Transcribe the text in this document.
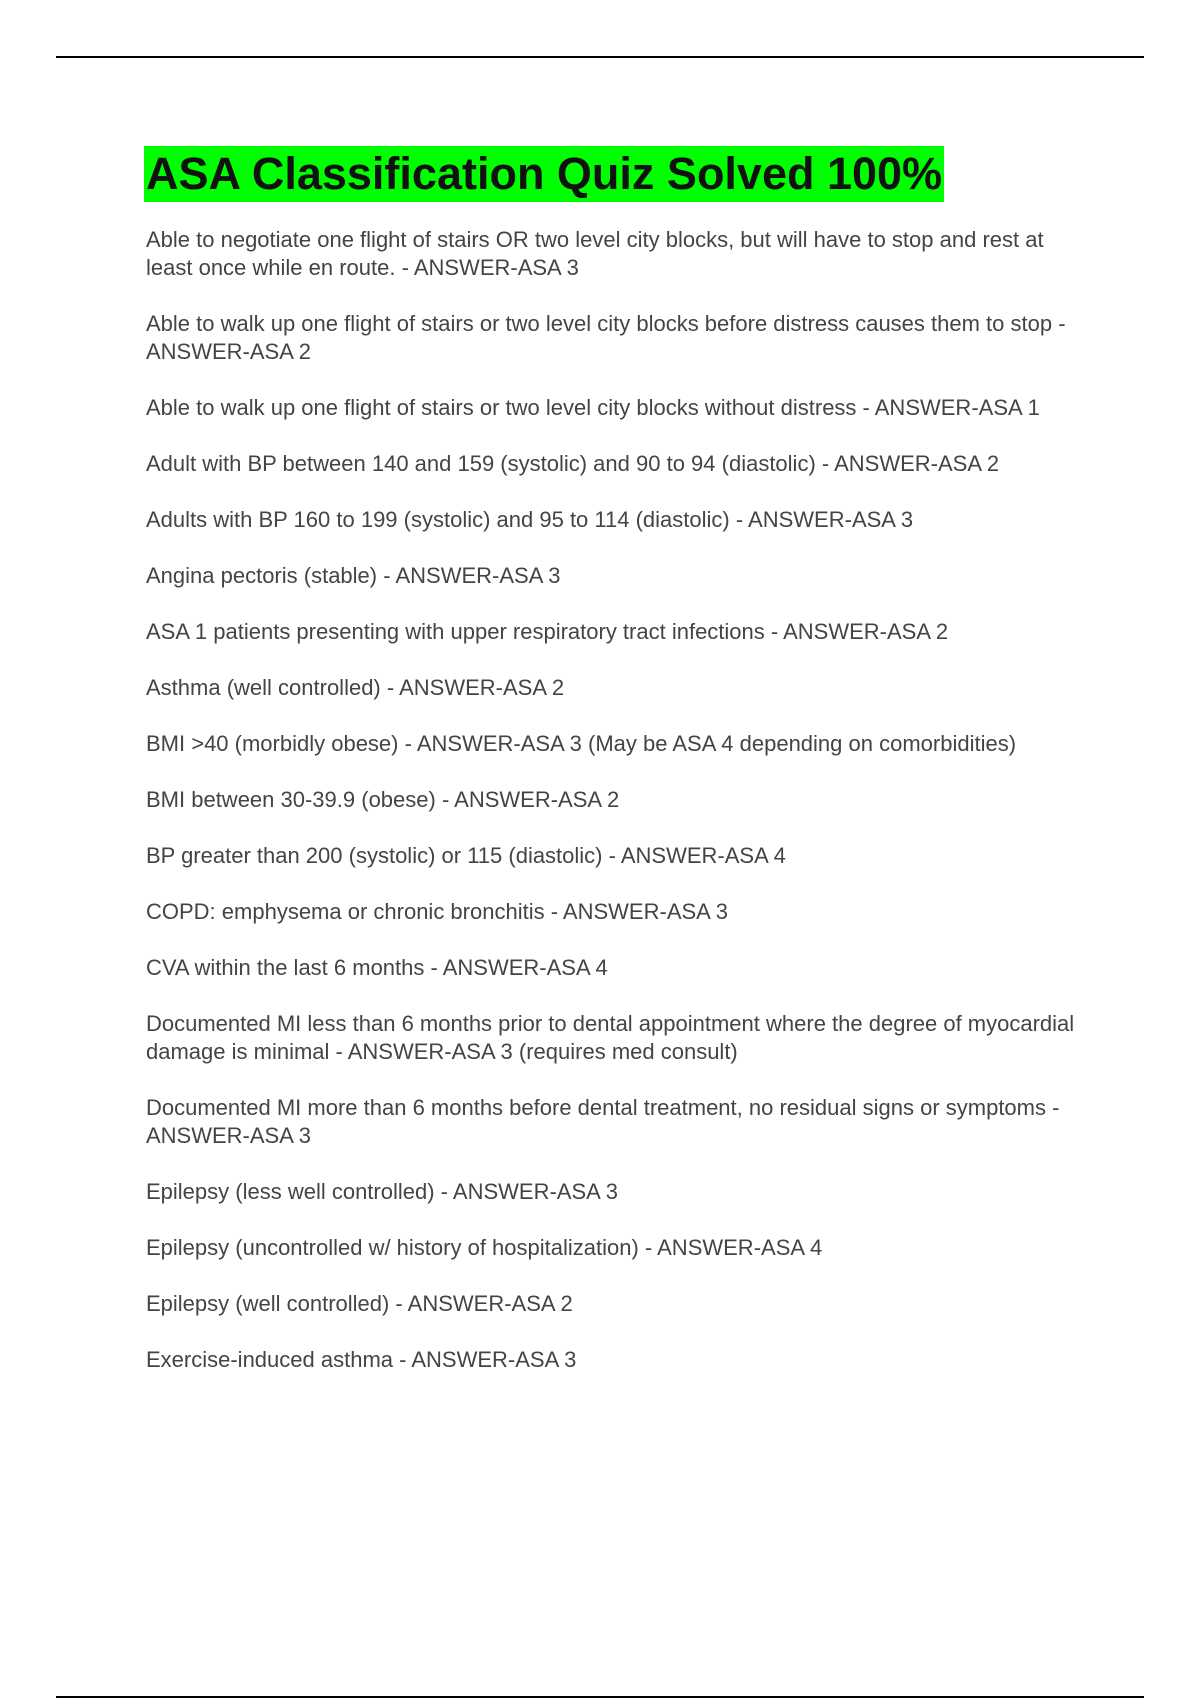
ASA Classification Quiz Solved 100%
Able to negotiate one flight of stairs OR two level city blocks, but will have to stop and rest at least once while en route. - ANSWER-ASA 3
Able to walk up one flight of stairs or two level city blocks before distress causes them to stop - ANSWER-ASA 2
Able to walk up one flight of stairs or two level city blocks without distress - ANSWER-ASA 1
Adult with BP between 140 and 159 (systolic) and 90 to 94 (diastolic) - ANSWER-ASA 2
Adults with BP 160 to 199 (systolic) and 95 to 114 (diastolic) - ANSWER-ASA 3
Angina pectoris (stable) - ANSWER-ASA 3
ASA 1 patients presenting with upper respiratory tract infections - ANSWER-ASA 2
Asthma (well controlled) - ANSWER-ASA 2
BMI >40 (morbidly obese) - ANSWER-ASA 3 (May be ASA 4 depending on comorbidities)
BMI between 30-39.9 (obese) - ANSWER-ASA 2
BP greater than 200 (systolic) or 115 (diastolic) - ANSWER-ASA 4
COPD: emphysema or chronic bronchitis - ANSWER-ASA 3
CVA within the last 6 months - ANSWER-ASA 4
Documented MI less than 6 months prior to dental appointment where the degree of myocardial damage is minimal - ANSWER-ASA 3 (requires med consult)
Documented MI more than 6 months before dental treatment, no residual signs or symptoms - ANSWER-ASA 3
Epilepsy (less well controlled) - ANSWER-ASA 3
Epilepsy (uncontrolled w/ history of hospitalization) - ANSWER-ASA 4
Epilepsy (well controlled) - ANSWER-ASA 2
Exercise-induced asthma - ANSWER-ASA 3
